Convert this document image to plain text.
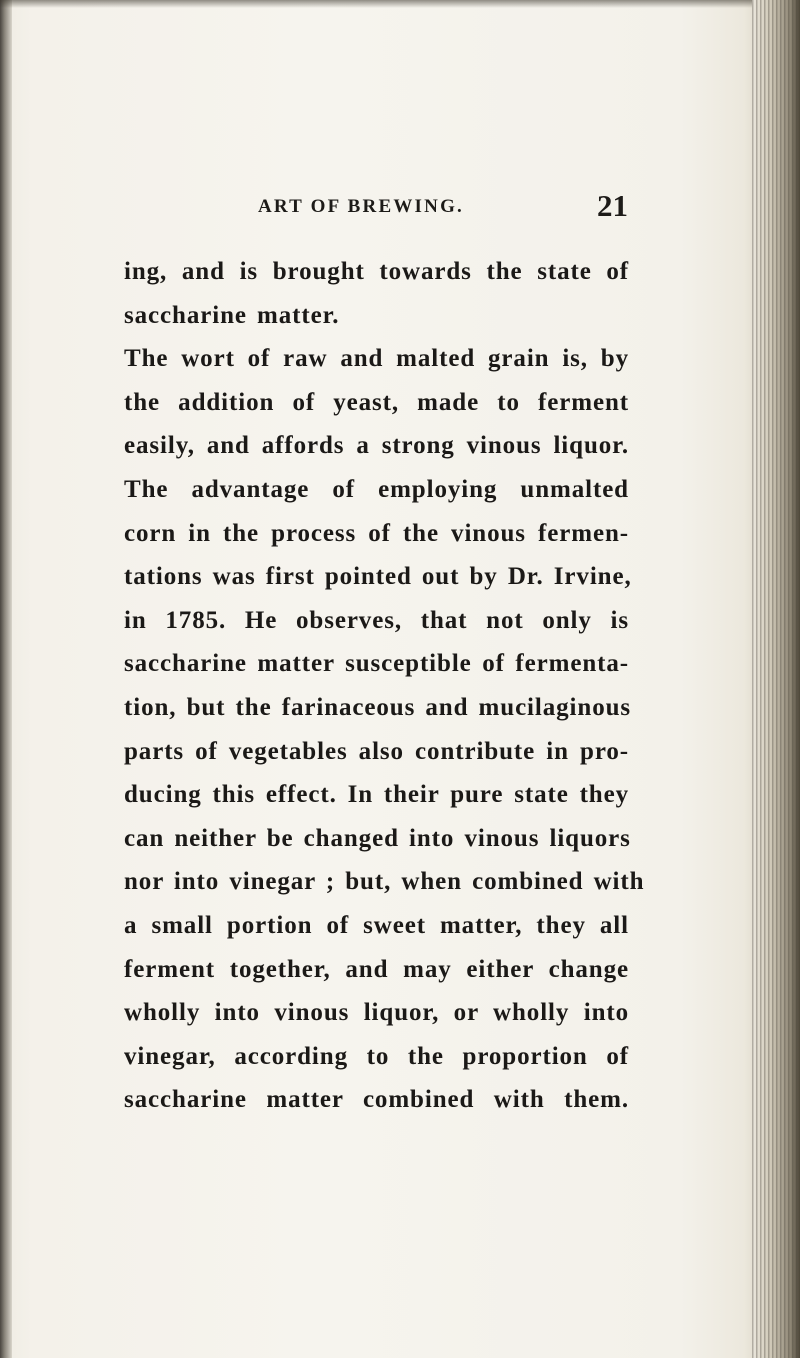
ART OF BREWING.	21
ing, and is brought towards the state of
saccharine matter.
The wort of raw and malted grain is, by
the addition of yeast, made to ferment
easily, and affords a strong vinous liquor.
The advantage of employing unmalted
corn in the process of the vinous fermen-
tations was first pointed out by Dr. Irvine,
in 1785. He observes, that not only is
saccharine matter susceptible of fermenta-
tion, but the farinaceous and mucilaginous
parts of vegetables also contribute in pro-
ducing this effect. In their pure state they
can neither be changed into vinous liquors
nor into vinegar ; but, when combined with
a small portion of sweet matter, they all
ferment together, and may either change
wholly into vinous liquor, or wholly into
vinegar, according to the proportion of
saccharine matter combined with them.
